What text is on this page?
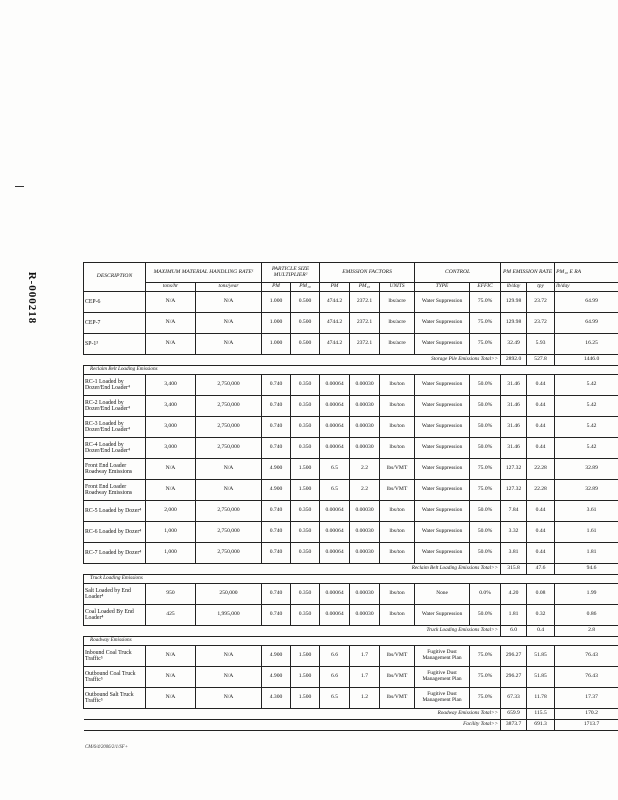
R-000218	DESCRIPTION	MAXIMUM MATERIAL HANDLING RATE¹		PARTICLE SIZE MULTIPLIER²		EMISSION FACTORS			CONTROL		PM EMISSION RATE		PM₁₀ E RA
	tons/hr	tons/year	PM	PM₁₀	PM	PM₁₀	UNITS	TYPE	EFFIC	lb/day	tpy	lb/day
CEP-6	N/A	N/A	1.000	0.500	4744.2	2372.1	lbs/acre	Water Suppression	75.0%	129.98	23.72	64.99
CEP-7	N/A	N/A	1.000	0.500	4744.2	2372.1	lbs/acre	Water Suppression	75.0%	129.98	23.72	64.99
SP-1³	N/A	N/A	1.000	0.500	4744.2	2372.1	lbs/acre	Water Suppression	75.0%	32.49	5.93	16.25
Storage Pile Emissions Total>>										2892.0	527.8	1446.0
Reclaim Belt Loading Emissions												
RC-1 Loaded by Dozer/End Loader⁴	3,400	2,750,000	0.740	0.350	0.00064	0.00030	lbs/ton	Water Suppression	50.0%	31.46	0.44	5.42
RC-2 Loaded by Dozer/End Loader⁴	3,400	2,750,000	0.740	0.350	0.00064	0.00030	lbs/ton	Water Suppression	50.0%	31.46	0.44	5.42
RC-3 Loaded by Dozer/End Loader⁴	3,000	2,750,000	0.740	0.350	0.00064	0.00030	lbs/ton	Water Suppression	50.0%	31.46	0.44	5.42
RC-4 Loaded by Dozer/End Loader⁴	3,000	2,750,000	0.740	0.350	0.00064	0.00030	lbs/ton	Water Suppression	50.0%	31.46	0.44	5.42
Front End Loader Roadway Emissions	N/A	N/A	4.900	1.500	6.5	2.2	lbs/VMT	Water Suppression	75.0%	127.32	22.28	32.89
Front End Loader Roadway Emissions	N/A	N/A	4.900	1.500	6.5	2.2	lbs/VMT	Water Suppression	75.0%	127.32	22.28	32.89
RC-5 Loaded by Dozer⁴	2,000	2,750,000	0.740	0.350	0.00064	0.00030	lbs/ton	Water Suppression	50.0%	7.84	0.44	3.61
RC-6 Loaded by Dozer⁴	1,000	2,750,000	0.740	0.350	0.00064	0.00030	lbs/ton	Water Suppression	50.0%	3.32	0.44	1.61
RC-7 Loaded by Dozer⁴	1,000	2,750,000	0.740	0.350	0.00064	0.00030	lbs/ton	Water Suppression	50.0%	3.81	0.44	1.81
Reclaim Belt Loading Emissions Total>>										315.8	47.6	94.6
Truck Loading Emissions												
Salt Loaded by End Loader⁴	950	250,000	0.740	0.350	0.00064	0.00030	lbs/ton	None	0.0%	4.20	0.08	1.99
Coal Loaded By End Loader⁴	425	1,995,000	0.740	0.350	0.00064	0.00030	lbs/ton	Water Suppression	50.0%	1.81	0.32	0.86
Truck Loading Emissions Total>>										6.0	0.4	2.8
Roadway Emissions												
Inbound Coal Truck Traffic⁵	N/A	N/A	4.900	1.500	6.6	1.7	lbs/VMT	Fugitive Dust Management Plan	75.0%	296.27	51.85	76.43
Outbound Coal Truck Traffic⁵	N/A	N/A	4.900	1.500	6.6	1.7	lbs/VMT	Fugitive Dust Management Plan	75.0%	296.27	51.85	76.43
Outbound Salt Truck Traffic⁵	N/A	N/A	4.300	1.500	6.5	1.2	lbs/VMT	Fugitive Dust Management Plan	75.0%	67.33	11.78	17.37
Roadway Emissions Total>>										659.9	115.5	170.2
Facility Total>>										3873.7	691.3	1713.7
CM/6/4/2006/2/1/SF+
